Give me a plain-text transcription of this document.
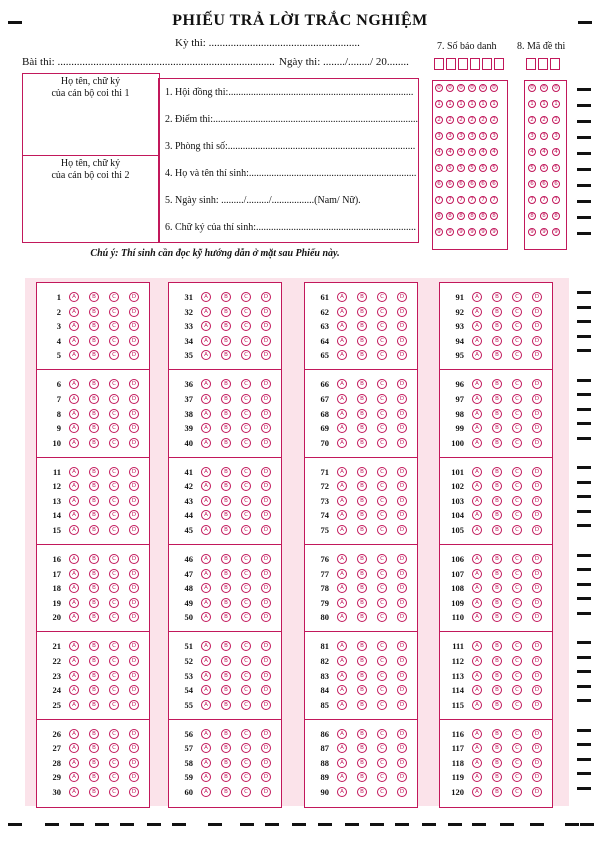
PHIẾU TRẢ LỜI TRẮC NGHIỆM
Kỳ thi: .......................................................
Bài thi: ............................................................................... Ngày thi: ......../......../ 20........
Họ tên, chữ ký
của cán bộ coi thi 1
Họ tên, chữ ký
của cán bộ coi thi 2
1. Hội đồng thi:..........................................................................
2. Điểm thi:..................................................................................
3. Phòng thi số:...........................................................................
4. Họ và tên thí sinh:...................................................................
5. Ngày sinh: ........./........./.................(Nam/ Nữ).
6. Chữ ký của thí sinh:................................................................
Chú ý: Thí sinh cần đọc kỹ hướng dẫn ở mặt sau Phiếu này.
7. Số báo danh 8. Mã đề thi
0	0	0	0	0	0	0	0	0
1	1	1	1	1	1	1	1	1
2	2	2	2	2	2	2	2	2
3	3	3	3	3	3	3	3	3
4	4	4	4	4	4	4	4	4
5	5	5	5	5	5	5	5	5
6	6	6	6	6	6	6	6	6
7	7	7	7	7	7	7	7	7
8	8	8	8	8	8	8	8	8
9	9	9	9	9	9	9	9	9
1	A	B	C	D
2	A	B	C	D
3	A	B	C	D
4	A	B	C	D
5	A	B	C	D
6	A	B	C	D
7	A	B	C	D
8	A	B	C	D
9	A	B	C	D
10	A	B	C	D
11	A	B	C	D
12	A	B	C	D
13	A	B	C	D
14	A	B	C	D
15	A	B	C	D
16	A	B	C	D
17	A	B	C	D
18	A	B	C	D
19	A	B	C	D
20	A	B	C	D
21	A	B	C	D
22	A	B	C	D
23	A	B	C	D
24	A	B	C	D
25	A	B	C	D
26	A	B	C	D
27	A	B	C	D
28	A	B	C	D
29	A	B	C	D
30	A	B	C	D
31	A	B	C	D
32	A	B	C	D
33	A	B	C	D
34	A	B	C	D
35	A	B	C	D
36	A	B	C	D
37	A	B	C	D
38	A	B	C	D
39	A	B	C	D
40	A	B	C	D
41	A	B	C	D
42	A	B	C	D
43	A	B	C	D
44	A	B	C	D
45	A	B	C	D
46	A	B	C	D
47	A	B	C	D
48	A	B	C	D
49	A	B	C	D
50	A	B	C	D
51	A	B	C	D
52	A	B	C	D
53	A	B	C	D
54	A	B	C	D
55	A	B	C	D
56	A	B	C	D
57	A	B	C	D
58	A	B	C	D
59	A	B	C	D
60	A	B	C	D
61	A	B	C	D
62	A	B	C	D
63	A	B	C	D
64	A	B	C	D
65	A	B	C	D
66	A	B	C	D
67	A	B	C	D
68	A	B	C	D
69	A	B	C	D
70	A	B	C	D
71	A	B	C	D
72	A	B	C	D
73	A	B	C	D
74	A	B	C	D
75	A	B	C	D
76	A	B	C	D
77	A	B	C	D
78	A	B	C	D
79	A	B	C	D
80	A	B	C	D
81	A	B	C	D
82	A	B	C	D
83	A	B	C	D
84	A	B	C	D
85	A	B	C	D
86	A	B	C	D
87	A	B	C	D
88	A	B	C	D
89	A	B	C	D
90	A	B	C	D
91	A	B	C	D
92	A	B	C	D
93	A	B	C	D
94	A	B	C	D
95	A	B	C	D
96	A	B	C	D
97	A	B	C	D
98	A	B	C	D
99	A	B	C	D
100	A	B	C	D
101	A	B	C	D
102	A	B	C	D
103	A	B	C	D
104	A	B	C	D
105	A	B	C	D
106	A	B	C	D
107	A	B	C	D
108	A	B	C	D
109	A	B	C	D
110	A	B	C	D
111	A	B	C	D
112	A	B	C	D
113	A	B	C	D
114	A	B	C	D
115	A	B	C	D
116	A	B	C	D
117	A	B	C	D
118	A	B	C	D
119	A	B	C	D
120	A	B	C	D
